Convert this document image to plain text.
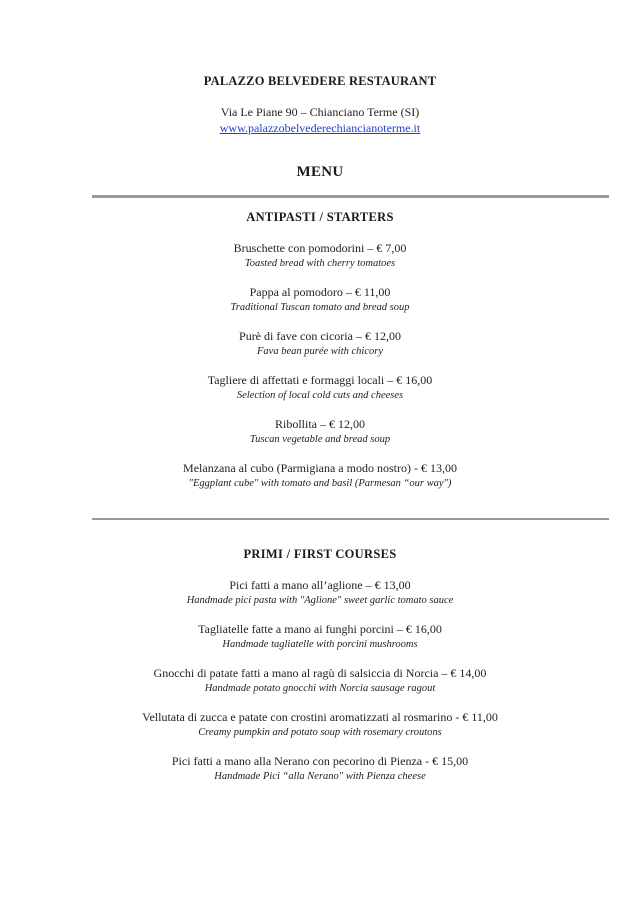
PALAZZO BELVEDERE RESTAURANT
Via Le Piane 90 – Chianciano Terme (SI)
www.palazzobelvederechiancianoterme.it
MENU
ANTIPASTI / STARTERS
Bruschette con pomodorini – € 7,00
Toasted bread with cherry tomatoes
Pappa al pomodoro – € 11,00
Traditional Tuscan tomato and bread soup
Purè di fave con cicoria – € 12,00
Fava bean purée with chicory
Tagliere di affettati e formaggi locali – € 16,00
Selection of local cold cuts and cheeses
Ribollita – € 12,00
Tuscan vegetable and bread soup
Melanzana al cubo (Parmigiana a modo nostro) - € 13,00
"Eggplant cube" with tomato and basil (Parmesan “our way")
PRIMI / FIRST COURSES
Pici fatti a mano all’aglione – € 13,00
Handmade pici pasta with "Aglione" sweet garlic tomato sauce
Tagliatelle fatte a mano ai funghi porcini – € 16,00
Handmade tagliatelle with porcini mushrooms
Gnocchi di patate fatti a mano al ragù di salsiccia di Norcia – € 14,00
Handmade potato gnocchi with Norcia sausage ragout
Vellutata di zucca e patate con crostini aromatizzati al rosmarino - € 11,00
Creamy pumpkin and potato soup with rosemary croutons
Pici fatti a mano alla Nerano con pecorino di Pienza - € 15,00
Handmade Pici “alla Nerano" with Pienza cheese
